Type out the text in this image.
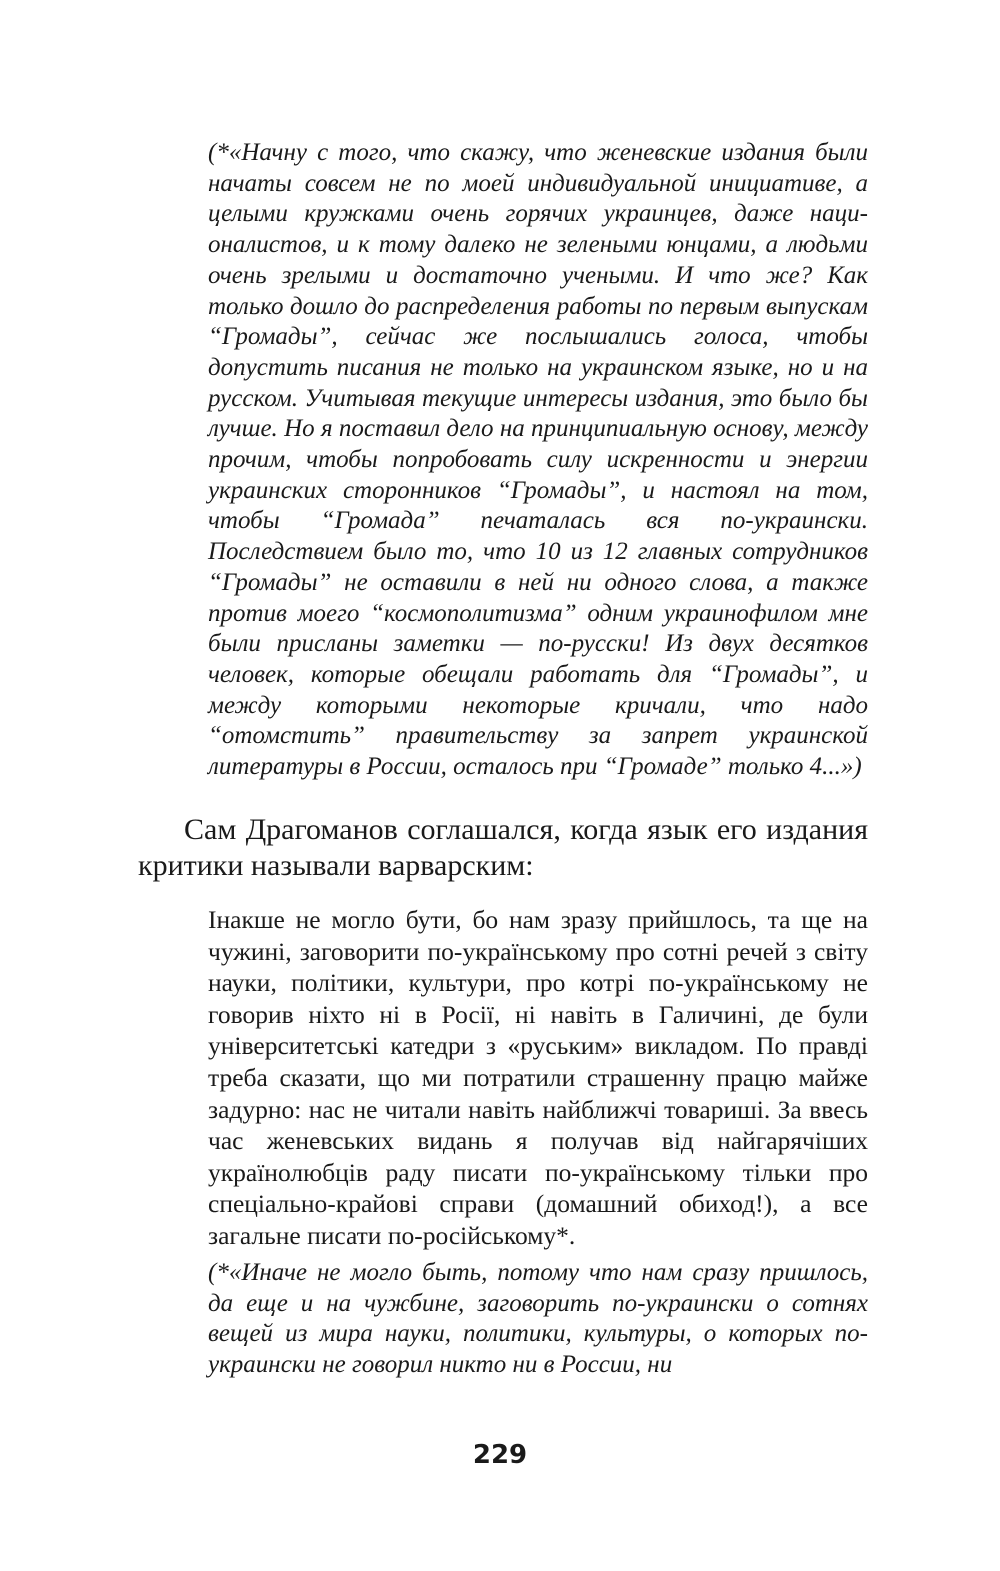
(*«Начну с того, что скажу, что женевские издания были начаты совсем не по моей индивидуальной инициативе, а целыми кружками очень горячих украинцев, даже националистов, и к тому далеко не зелеными юнцами, а людьми очень зрелыми и достаточно учеными. И что же? Как только дошло до распределения работы по первым выпускам “Громады”, сейчас же послышались голоса, чтобы допустить писания не только на украинском языке, но и на русском. Учитывая текущие интересы издания, это было бы лучше. Но я поставил дело на принципиальную основу, между прочим, чтобы попробовать силу искренности и энергии украинских сторонников “Громады”, и настоял на том, чтобы “Громада” печаталась вся по-украински. Последствием было то, что 10 из 12 главных сотрудников “Громады” не оставили в ней ни одного слова, а также против моего “космополитизма” одним украинофилом мне были присланы заметки — по-русски! Из двух десятков человек, которые обещали работать для “Громады”, и между которыми некоторые кричали, что надо “отомстить” правительству за запрет украинской литературы в России, осталось при “Громаде” только 4...»)

Сам Драгоманов соглашался, когда язык его издания критики называли варварским:

Інакше не могло бути, бо нам зразу прийшлось, та ще на чужині, заговорити по-українському про сотні речей з світу науки, політики, культури, про котрі по-українському не говорив ніхто ні в Росії, ні навіть в Галичині, де були університетські катедри з «руським» викладом. По правді треба сказати, що ми потратили страшенну працю майже задурно: нас не читали навіть найближчі товариші. За ввесь час женевських видань я получав від найгарячіших українолюбців раду писати по-українському тільки про спеціально-крайові справи (домашний обиход!), а все загальне писати по-російському*.

(*«Иначе не могло быть, потому что нам сразу пришлось, да еще и на чужбине, заговорить по-украински о сотнях вещей из мира науки, политики, культуры, о которых по-украински не говорил никто ни в России, ни

229
